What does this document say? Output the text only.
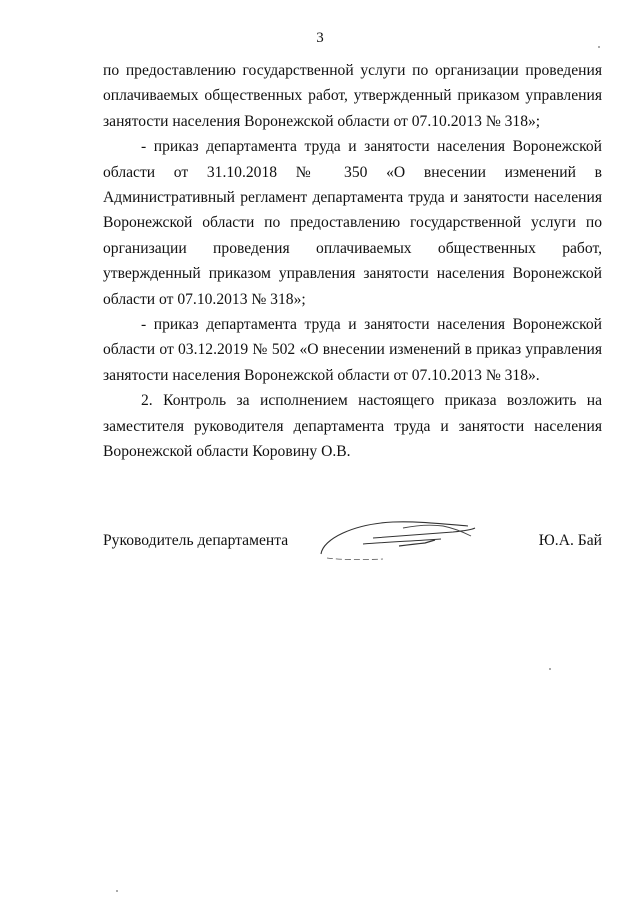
3

по предоставлению государственной услуги по организации проведения оплачиваемых общественных работ, утвержденный приказом управления занятости населения Воронежской области от 07.10.2013 № 318»;

- приказ департамента труда и занятости населения Воронежской области от 31.10.2018 № 350 «О внесении изменений в Административный регламент департамента труда и занятости населения Воронежской области по предоставлению государственной услуги по организации проведения оплачиваемых общественных работ, утвержденный приказом управления занятости населения Воронежской области от 07.10.2013 № 318»;

- приказ департамента труда и занятости населения Воронежской области от 03.12.2019 № 502 «О внесении изменений в приказ управления занятости населения Воронежской области от 07.10.2013 № 318».

2. Контроль за исполнением настоящего приказа возложить на заместителя руководителя департамента труда и занятости населения Воронежской области Коровину О.В.

Руководитель департамента	Ю.А. Бай
